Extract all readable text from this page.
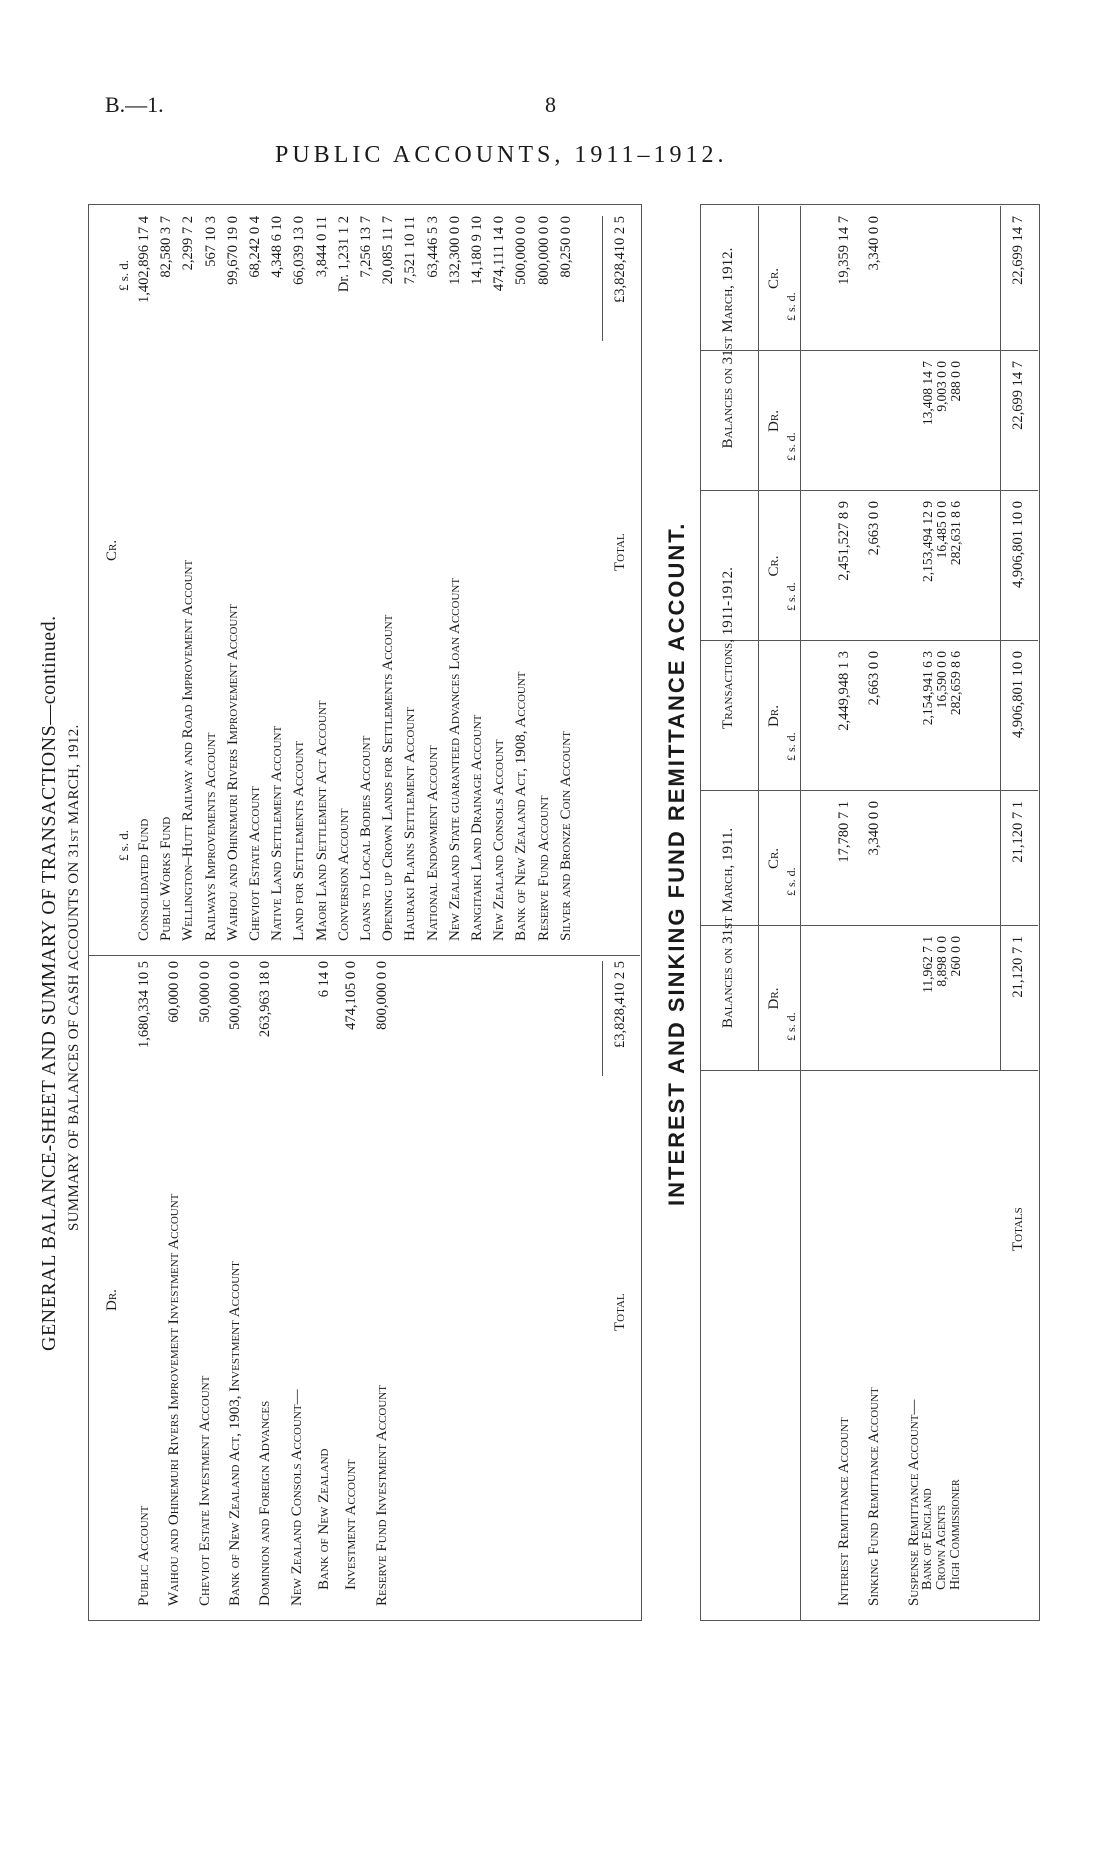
B.—1.	8
PUBLIC ACCOUNTS, 1911–1912.
GENERAL BALANCE-SHEET AND SUMMARY OF TRANSACTIONS—continued. SUMMARY OF BALANCES OF CASH ACCOUNTS ON 31st MARCH, 1912.
Dr.
Cr.
£ s. d.
£ s. d.
Total
£3,828,410 2 5
Total
£3,828,410 2 5
INTEREST AND SINKING FUND REMITTANCE ACCOUNT.
Public Account
1,680,334 10 5
Waihou and Ohinemuri Rivers Improvement Investment Account
60,000 0 0
Cheviot Estate Investment Account
50,000 0 0
Bank of New Zealand Act, 1903, Investment Account
500,000 0 0
Dominion and Foreign Advances
263,963 18 0
New Zealand Consols Account— Bank of New Zealand
6 14 0
Investment Account
474,105 0 0
Reserve Fund Investment Account
800,000 0 0
Consolidated Fund
1,402,896 17 4
Public Works Fund
82,580 3 7
Wellington–Hutt Railway and Road Improvement Account
2,299 7 2
Railways Improvements Account
567 10 3
Waihou and Ohinemuri Rivers Improvement Account
99,670 19 0
Cheviot Estate Account
68,242 0 4
Native Land Settlement Account
4,348 6 10
Land for Settlements Account
66,039 13 0
Maori Land Settlement Act Account
3,844 0 11
Conversion Account
Dr. 1,231 1 2
Loans to Local Bodies Account
7,256 13 7
Opening up Crown Lands for Settlements Account
20,085 11 7
Hauraki Plains Settlement Account
7,521 10 11
National Endowment Account
63,446 5 3
New Zealand State guaranteed Advances Loan Account
132,300 0 0
Rangitaiki Land Drainage Account
14,180 9 10
New Zealand Consols Account
474,111 14 0
Bank of New Zealand Act, 1908, Account
500,000 0 0
Reserve Fund Account
800,000 0 0
Silver and Bronze Coin Account
80,250 0 0
Balances on 31st March, 1911.
Transactions, 1911-1912.
Balances on 31st March, 1912.
Dr.
£ s. d.
Cr.
£ s. d.
Dr.
£ s. d.
Cr.
£ s. d.
Dr.
£ s. d.
Cr.
£ s. d.
Interest Remittance Account
17,780 7 1
2,449,948 1 3
2,451,527 8 9
19,359 14 7
Sinking Fund Remittance Account
3,340 0 0
2,663 0 0
2,663 0 0
3,340 0 0
Suspense Remittance Account—
Bank of England
11,962 7 1
2,154,941 6 3
2,153,494 12 9
13,408 14 7
Crown Agents
8,898 0 0
16,590 0 0
16,485 0 0
9,003 0 0
High Commissioner
260 0 0
282,659 8 6
282,631 8 6
288 0 0
Totals
21,120 7 1
21,120 7 1
4,906,801 10 0
4,906,801 10 0
22,699 14 7
22,699 14 7
